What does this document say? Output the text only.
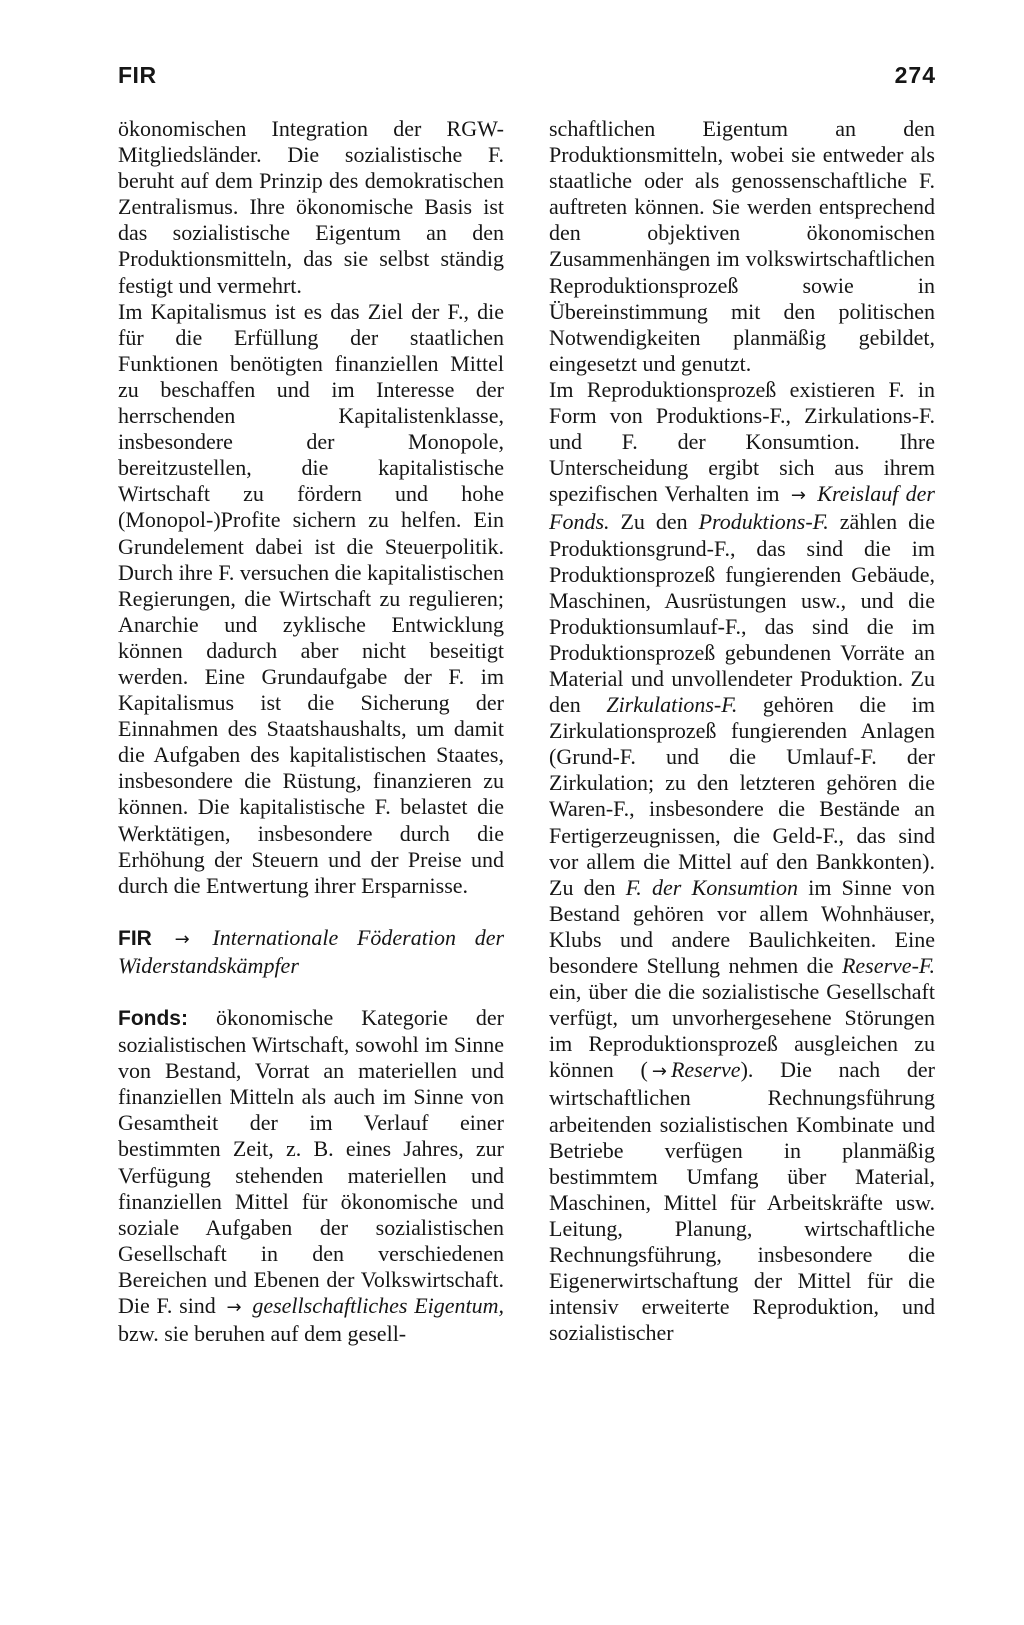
FIR	274

ökonomischen Integration der RGW-Mitgliedsländer. Die sozialistische F. beruht auf dem Prinzip des demokratischen Zentralismus. Ihre ökonomische Basis ist das sozialistische Eigentum an den Produktionsmitteln, das sie selbst ständig festigt und vermehrt.

Im Kapitalismus ist es das Ziel der F., die für die Erfüllung der staatlichen Funktionen benötigten finanziellen Mittel zu beschaffen und im Interesse der herrschenden Kapitalistenklasse, insbesondere der Monopole, bereitzustellen, die kapitalistische Wirtschaft zu fördern und hohe (Monopol-)Profite sichern zu helfen. Ein Grundelement dabei ist die Steuerpolitik. Durch ihre F. versuchen die kapitalistischen Regierungen, die Wirtschaft zu regulieren; Anarchie und zyklische Entwicklung können dadurch aber nicht beseitigt werden. Eine Grundaufgabe der F. im Kapitalismus ist die Sicherung der Einnahmen des Staatshaushalts, um damit die Aufgaben des kapitalistischen Staates, insbesondere die Rüstung, finanzieren zu können. Die kapitalistische F. belastet die Werktätigen, insbesondere durch die Erhöhung der Steuern und der Preise und durch die Entwertung ihrer Ersparnisse.

FIR → Internationale Föderation der Widerstandskämpfer

Fonds: ökonomische Kategorie der sozialistischen Wirtschaft, sowohl im Sinne von Bestand, Vorrat an materiellen und finanziellen Mitteln als auch im Sinne von Gesamtheit der im Verlauf einer bestimmten Zeit, z. B. eines Jahres, zur Verfügung stehenden materiellen und finanziellen Mittel für ökonomische und soziale Aufgaben der sozialistischen Gesellschaft in den verschiedenen Bereichen und Ebenen der Volkswirtschaft. Die F. sind → gesellschaftliches Eigentum, bzw. sie beruhen auf dem gesell-

schaftlichen Eigentum an den Produktionsmitteln, wobei sie entweder als staatliche oder als genossenschaftliche F. auftreten können. Sie werden entsprechend den objektiven ökonomischen Zusammenhängen im volkswirtschaftlichen Reproduktionsprozeß sowie in Übereinstimmung mit den politischen Notwendigkeiten planmäßig gebildet, eingesetzt und genutzt.

Im Reproduktionsprozeß existieren F. in Form von Produktions-F., Zirkulations-F. und F. der Konsumtion. Ihre Unterscheidung ergibt sich aus ihrem spezifischen Verhalten im → Kreislauf der Fonds. Zu den Produktions-F. zählen die Produktionsgrund-F., das sind die im Produktionsprozeß fungierenden Gebäude, Maschinen, Ausrüstungen usw., und die Produktionsumlauf-F., das sind die im Produktionsprozeß gebundenen Vorräte an Material und unvollendeter Produktion. Zu den Zirkulations-F. gehören die im Zirkulationsprozeß fungierenden Anlagen (Grund-F. und die Umlauf-F. der Zirkulation; zu den letzteren gehören die Waren-F., insbesondere die Bestände an Fertigerzeugnissen, die Geld-F., das sind vor allem die Mittel auf den Bankkonten). Zu den F. der Konsumtion im Sinne von Bestand gehören vor allem Wohnhäuser, Klubs und andere Baulichkeiten. Eine besondere Stellung nehmen die Reserve-F. ein, über die die sozialistische Gesellschaft verfügt, um unvorhergesehene Störungen im Reproduktionsprozeß ausgleichen zu können ( → Reserve). Die nach der wirtschaftlichen Rechnungsführung arbeitenden sozialistischen Kombinate und Betriebe verfügen in planmäßig bestimmtem Umfang über Material, Maschinen, Mittel für Arbeitskräfte usw. Leitung, Planung, wirtschaftliche Rechnungsführung, insbesondere die Eigenerwirtschaftung der Mittel für die intensiv erweiterte Reproduktion, und sozialistischer
